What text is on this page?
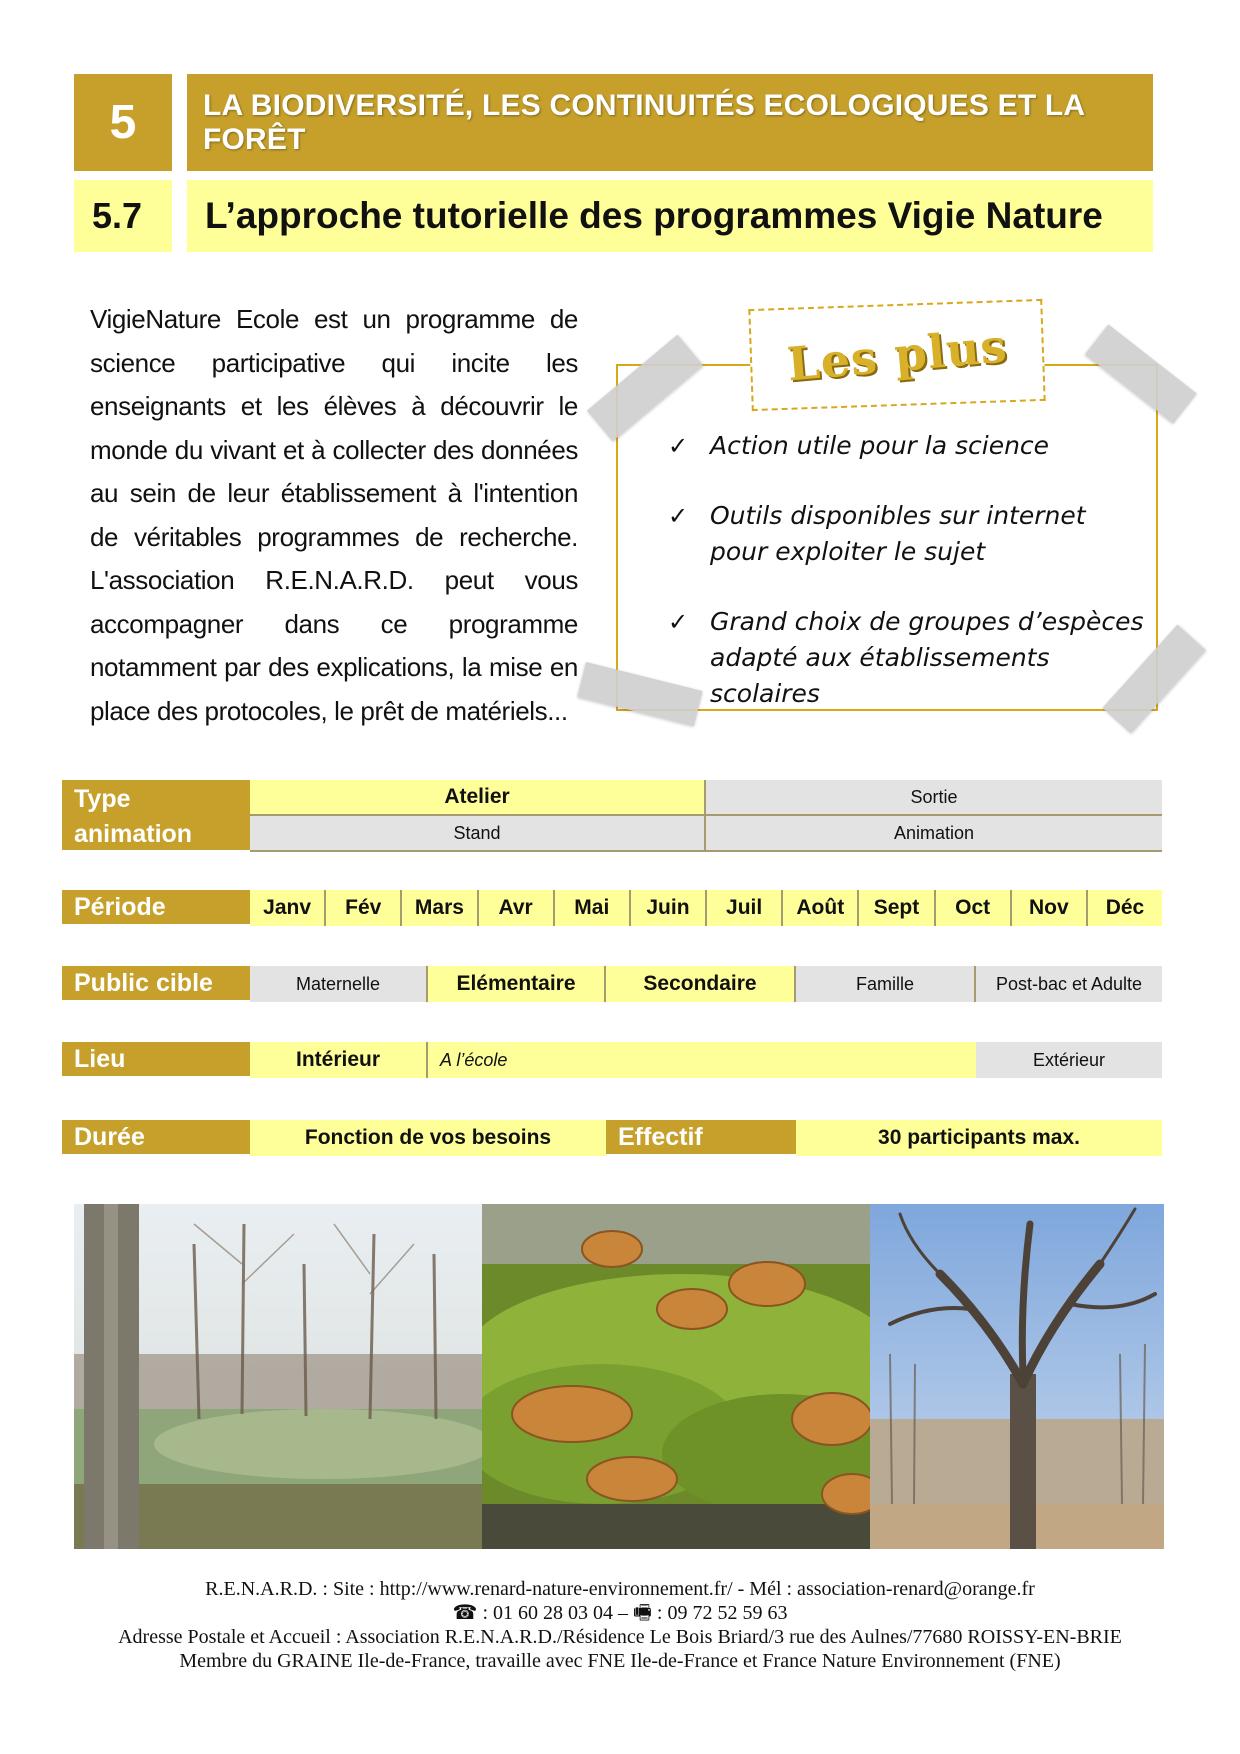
5	LA BIODIVERSITÉ, LES CONTINUITÉS ECOLOGIQUES ET LA FORÊT
5.7	L’approche tutorielle des programmes Vigie Nature
VigieNature Ecole est un programme de science participative qui incite les enseignants et les élèves à découvrir le monde du vivant et à collecter des données au sein de leur établissement à l'intention de véritables programmes de recherche. L'association R.E.N.A.R.D. peut vous accompagner dans ce programme notamment par des explications, la mise en place des protocoles, le prêt de matériels...
Les plus
✓ Action utile pour la science
✓ Outils disponibles sur internet pour exploiter le sujet
✓ Grand choix de groupes d’espèces adapté aux établissements scolaires
Type animation
Atelier	Sortie
Stand	Animation
Période	Janv	Fév	Mars	Avr	Mai	Juin	Juil	Août	Sept	Oct	Nov	Déc
Public cible	Maternelle	Elémentaire	Secondaire	Famille	Post-bac et Adulte
Lieu	Intérieur	A l’école	Extérieur
Durée	Fonction de vos besoins	Effectif	30 participants max.
R.E.N.A.R.D. : Site : http://www.renard-nature-environnement.fr/ - Mél : association-renard@orange.fr
☎ : 01 60 28 03 04 – 🖷 : 09 72 52 59 63
Adresse Postale et Accueil : Association R.E.N.A.R.D./Résidence Le Bois Briard/3 rue des Aulnes/77680 ROISSY-EN-BRIE
Membre du GRAINE Ile-de-France, travaille avec FNE Ile-de-France et France Nature Environnement (FNE)
